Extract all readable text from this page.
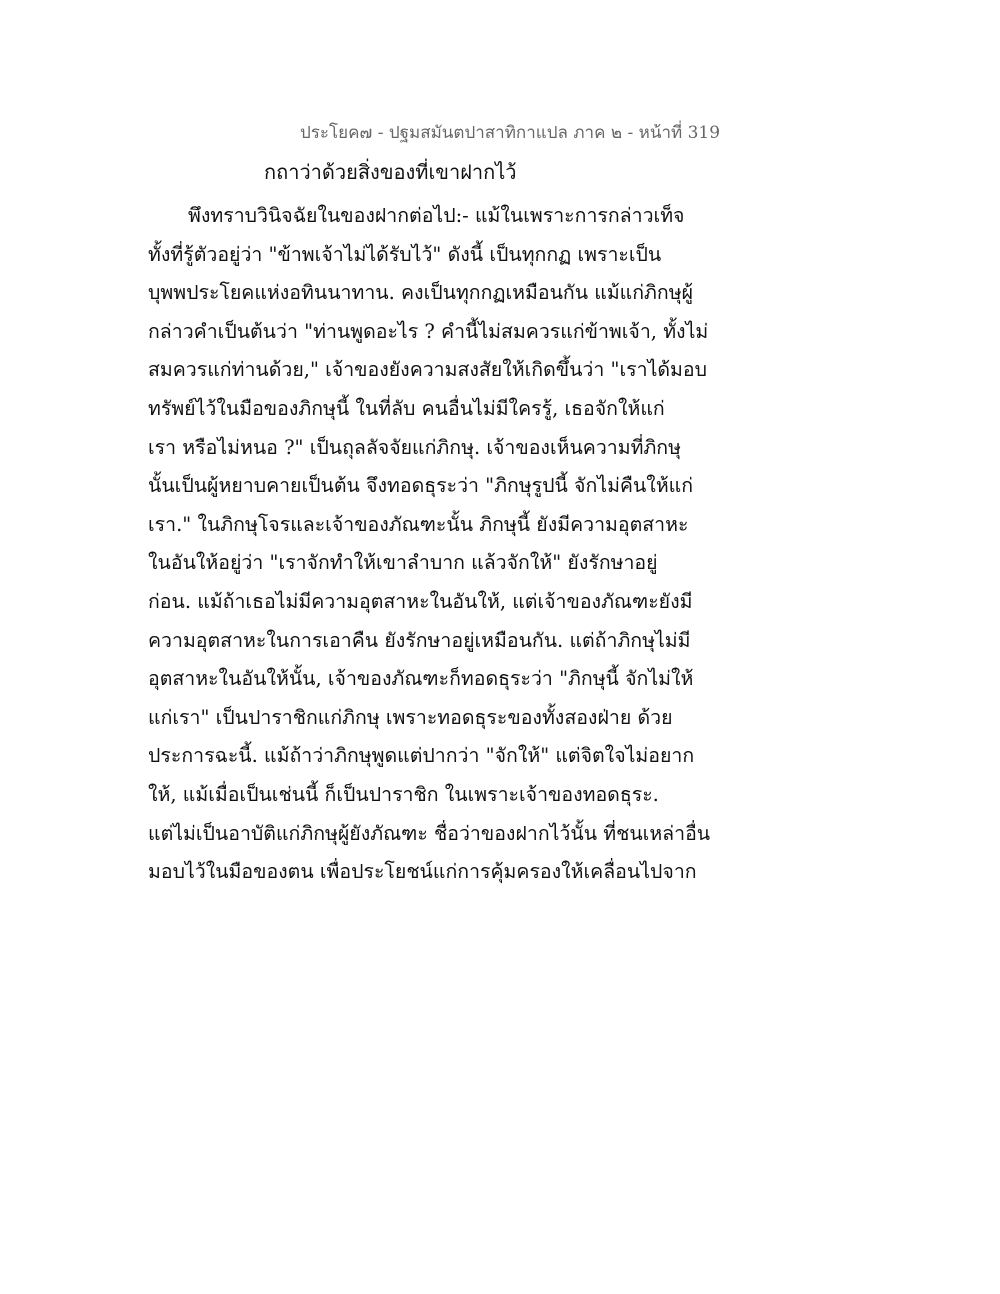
ประโยค๗ - ปฐมสมันตปาสาทิกาแปล ภาค ๒ - หน้าที่ 319
กถาว่าด้วยสิ่งของที่เขาฝากไว้
พึงทราบวินิจฉัยในของฝากต่อไป:- แม้ในเพราะการกล่าวเท็จ
ทั้งที่รู้ตัวอยู่ว่า "ข้าพเจ้าไม่ได้รับไว้" ดังนี้ เป็นทุกกฏ เพราะเป็น
บุพพประโยคแห่งอทินนาทาน. คงเป็นทุกกฏเหมือนกัน แม้แก่ภิกษุผู้
กล่าวคำเป็นต้นว่า "ท่านพูดอะไร ? คำนี้ไม่สมควรแก่ข้าพเจ้า, ทั้งไม่
สมควรแก่ท่านด้วย," เจ้าของยังความสงสัยให้เกิดขึ้นว่า "เราได้มอบ
ทรัพย์ไว้ในมือของภิกษุนี้ ในที่ลับ คนอื่นไม่มีใครรู้, เธอจักให้แก่
เรา หรือไม่หนอ ?" เป็นถุลลัจจัยแก่ภิกษุ. เจ้าของเห็นความที่ภิกษุ
นั้นเป็นผู้หยาบคายเป็นต้น จึงทอดธุระว่า "ภิกษุรูปนี้ จักไม่คืนให้แก่
เรา." ในภิกษุโจรและเจ้าของภัณฑะนั้น ภิกษุนี้ ยังมีความอุตสาหะ
ในอันให้อยู่ว่า "เราจักทำให้เขาลำบาก แล้วจักให้" ยังรักษาอยู่
ก่อน. แม้ถ้าเธอไม่มีความอุตสาหะในอันให้, แต่เจ้าของภัณฑะยังมี
ความอุตสาหะในการเอาคืน ยังรักษาอยู่เหมือนกัน. แต่ถ้าภิกษุไม่มี
อุตสาหะในอันให้นั้น, เจ้าของภัณฑะก็ทอดธุระว่า "ภิกษุนี้ จักไม่ให้
แก่เรา" เป็นปาราชิกแก่ภิกษุ เพราะทอดธุระของทั้งสองฝ่าย ด้วย
ประการฉะนี้. แม้ถ้าว่าภิกษุพูดแต่ปากว่า "จักให้" แต่จิตใจไม่อยาก
ให้, แม้เมื่อเป็นเช่นนี้ ก็เป็นปาราชิก ในเพราะเจ้าของทอดธุระ.
แต่ไม่เป็นอาบัติแก่ภิกษุผู้ยังภัณฑะ ชื่อว่าของฝากไว้นั้น ที่ชนเหล่าอื่น
มอบไว้ในมือของตน เพื่อประโยชน์แก่การคุ้มครองให้เคลื่อนไปจาก
